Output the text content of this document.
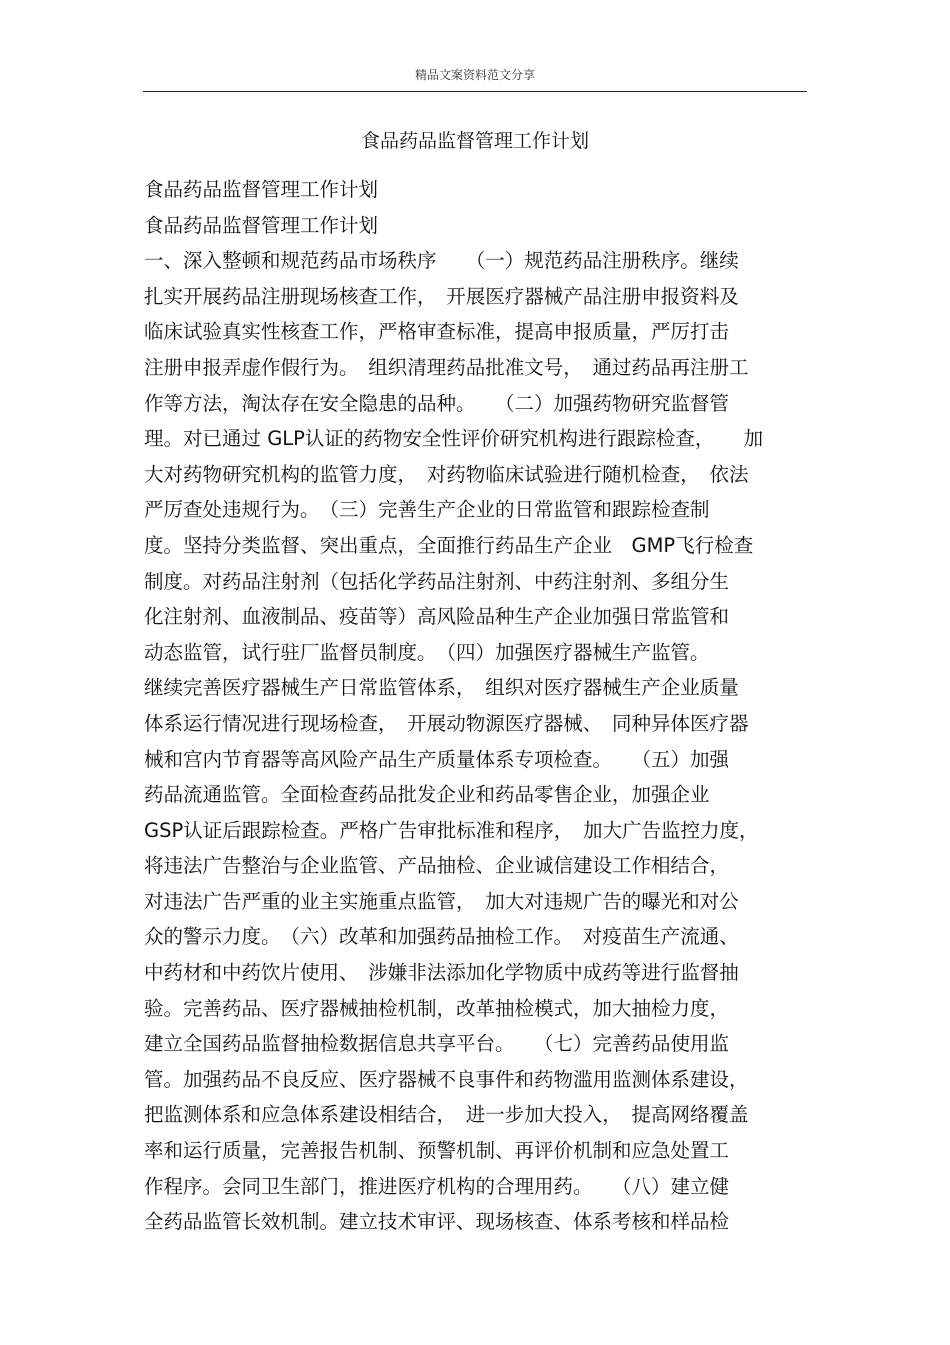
精品文案资料范文分享
食品药品监督管理工作计划
食品药品监督管理工作计划
食品药品监督管理工作计划
一、深入整顿和规范药品市场秩序　　（一）规范药品注册秩序。继续
扎实开展药品注册现场核查工作，　开展医疗器械产品注册申报资料及
临床试验真实性核查工作，严格审查标准，提高申报质量，严厉打击
注册申报弄虚作假行为。　组织清理药品批准文号，　通过药品再注册工
作等方法，淘汰存在安全隐患的品种。　　（二）加强药物研究监督管
理。对已通过 GLP认证的药物安全性评价研究机构进行跟踪检查，　　加
大对药物研究机构的监管力度，　对药物临床试验进行随机检查，　依法
严厉查处违规行为。　（三）完善生产企业的日常监管和跟踪检查制
度。坚持分类监督、突出重点，全面推行药品生产企业　GMP飞行检查
制度。对药品注射剂（包括化学药品注射剂、中药注射剂、多组分生
化注射剂、血液制品、疫苗等）高风险品种生产企业加强日常监管和
动态监管，试行驻厂监督员制度。　（四）加强医疗器械生产监管。
继续完善医疗器械生产日常监管体系，　组织对医疗器械生产企业质量
体系运行情况进行现场检查，　开展动物源医疗器械、　同种异体医疗器
械和宫内节育器等高风险产品生产质量体系专项检查。　　（五）加强
药品流通监管。全面检查药品批发企业和药品零售企业，加强企业
GSP认证后跟踪检查。严格广告审批标准和程序，　加大广告监控力度，
将违法广告整治与企业监管、产品抽检、企业诚信建设工作相结合，
对违法广告严重的业主实施重点监管，　加大对违规广告的曝光和对公
众的警示力度。　（六）改革和加强药品抽检工作。　对疫苗生产流通、
中药材和中药饮片使用、　涉嫌非法添加化学物质中成药等进行监督抽
验。完善药品、医疗器械抽检机制，改革抽检模式，加大抽检力度，
建立全国药品监督抽检数据信息共享平台。　　（七）完善药品使用监
管。加强药品不良反应、医疗器械不良事件和药物滥用监测体系建设，
把监测体系和应急体系建设相结合，　进一步加大投入，　提高网络覆盖
率和运行质量，完善报告机制、预警机制、再评价机制和应急处置工
作程序。会同卫生部门，推进医疗机构的合理用药。　　（八）建立健
全药品监管长效机制。建立技术审评、现场核查、体系考核和样品检
